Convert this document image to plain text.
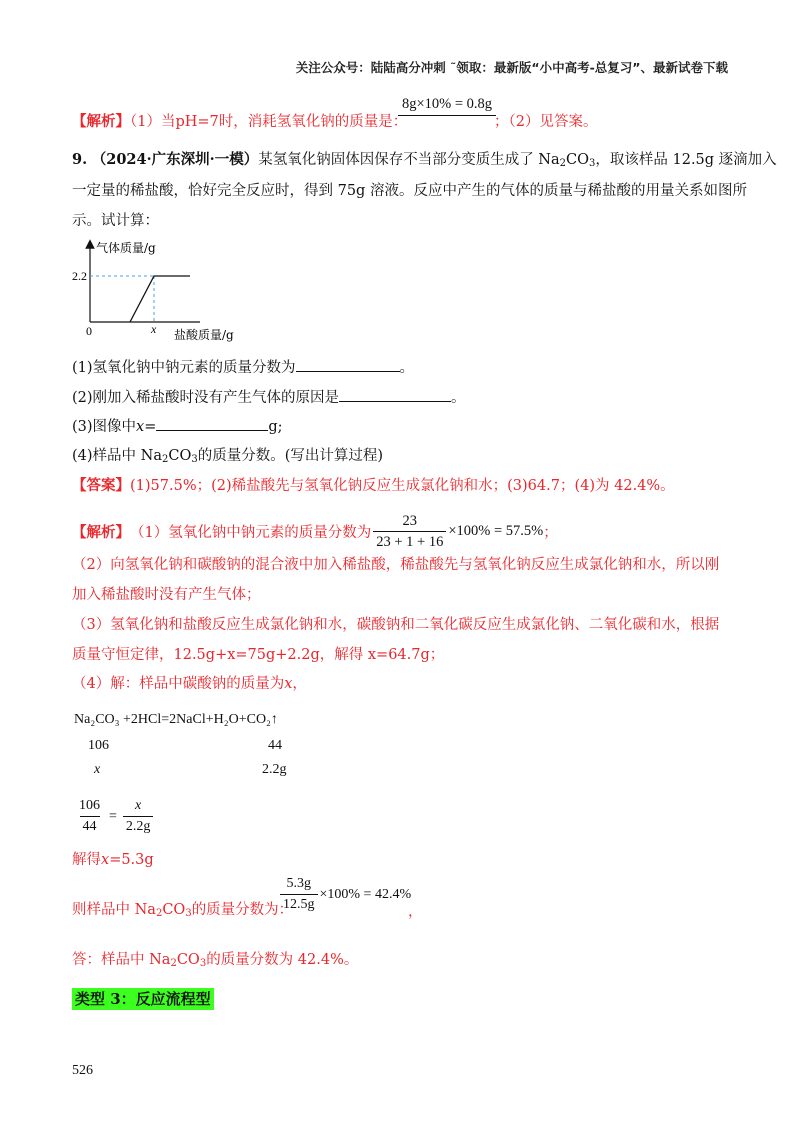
关注公众号：陆陆高分冲刺 ˜领取：最新版“小中高考-总复习”、最新试卷下载
【解析】（1）当pH=7时，消耗氢氧化钠的质量是：
8g×10% = 0.8g
；（2）见答案。
9. （2024·广东深圳·一模）某氢氧化钠固体因保存不当部分变质生成了 $Na_2CO_3$，取该样品 12.5g 逐滴加入
一定量的稀盐酸，恰好完全反应时，得到 75g 溶液。反应中产生的气体的质量与稀盐酸的用量关系如图所
示。试计算：
气体质量/g
2.2
0	x 盐酸质量/g
(1)氢氧化钠中钠元素的质量分数为	。
(2)刚加入稀盐酸时没有产生气体的原因是	。
(3)图像中x=	g;
(4)样品中 $Na_2CO_3$的质量分数。(写出计算过程)
【答案】(1)57.5%；(2)稀盐酸先与氢氧化钠反应生成氯化钠和水；(3)64.7；(4)为 42.4%。
【解析】 （1）氢氧化钠中钠元素的质量分数为 $\frac{23}{23 + 1 + 16} \times 100\% = 57.5\%$ ；
（2）向氢氧化钠和碳酸钠的混合液中加入稀盐酸，稀盐酸先与氢氧化钠反应生成氯化钠和水，所以刚加入稀盐酸时没有产生气体；
（3）氢氧化钠和盐酸反应生成氯化钠和水，碳酸钠和二氧化碳反应生成氯化钠、二氧化碳和水，根据质量守恒定律，12.5g+x=75g+2.2g，解得 x=64.7g；
（4）解：样品中碳酸钠的质量为x，
Na₂CO₃ +2HCl=2NaCl+H₂O+CO₂↑
106	44
x	2.2g
$\frac{106}{44} = \frac{x}{2.2g}$
解得x=5.3g
则样品中 $Na_2CO_3$的质量分数为：
$\frac{5.3g}{12.5g} \times 100\% = 42.4\%$
，
答：样品中 $Na_2CO_3$的质量分数为 42.4%。
类型 3：反应流程型
526
